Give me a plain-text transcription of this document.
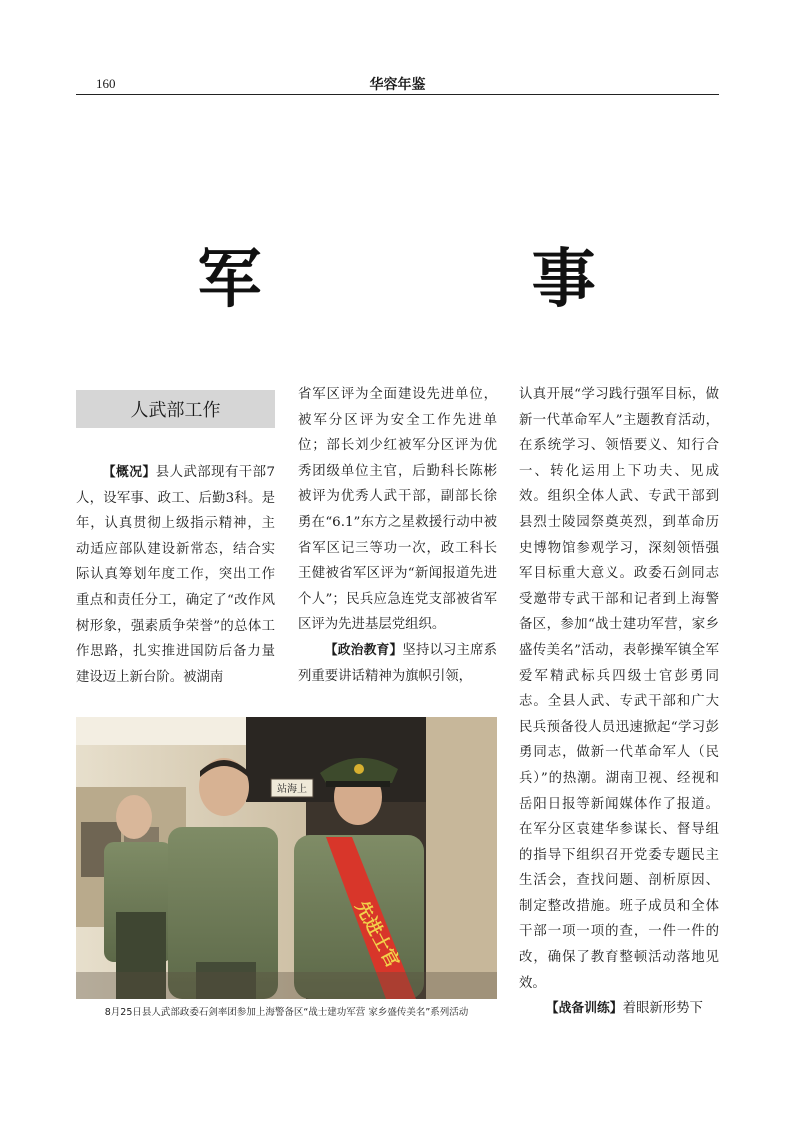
160	华容年鉴
军 事
人武部工作

【概况】县人武部现有干部7人，设军事、政工、后勤3科。是年，认真贯彻上级指示精神，主动适应部队建设新常态，结合实际认真筹划年度工作，突出工作重点和责任分工，确定了“改作风树形象，强素质争荣誉”的总体工作思路，扎实推进国防后备力量建设迈上新台阶。被湖南

省军区评为全面建设先进单位，被军分区评为安全工作先进单位；部长刘少红被军分区评为优秀团级单位主官，后勤科长陈彬被评为优秀人武干部，副部长徐勇在“6.1”东方之星救援行动中被省军区记三等功一次，政工科长王健被省军区评为“新闻报道先进个人”；民兵应急连党支部被省军区评为先进基层党组织。

【政治教育】坚持以习主席系列重要讲话精神为旗帜引领，

认真开展“学习践行强军目标，做新一代革命军人”主题教育活动，在系统学习、领悟要义、知行合一、转化运用上下功夫、见成效。组织全体人武、专武干部到县烈士陵园祭奠英烈，到革命历史博物馆参观学习，深刻领悟强军目标重大意义。政委石剑同志受邀带专武干部和记者到上海警备区，参加“战士建功军营，家乡盛传美名”活动，表彰操军镇全军爱军精武标兵四级士官彭勇同志。全县人武、专武干部和广大民兵预备役人员迅速掀起“学习彭勇同志，做新一代革命军人（民兵）”的热潮。湖南卫视、经视和岳阳日报等新闻媒体作了报道。在军分区袁建华参谋长、督导组的指导下组织召开党委专题民主生活会，查找问题、剖析原因、制定整改措施。班子成员和全体干部一项一项的查，一件一件的改，确保了教育整顿活动落地见效。

【战备训练】着眼新形势下

站海上
先进士官
8月25日县人武部政委石剑率团参加上海警备区“战士建功军营 家乡盛传美名”系列活动
